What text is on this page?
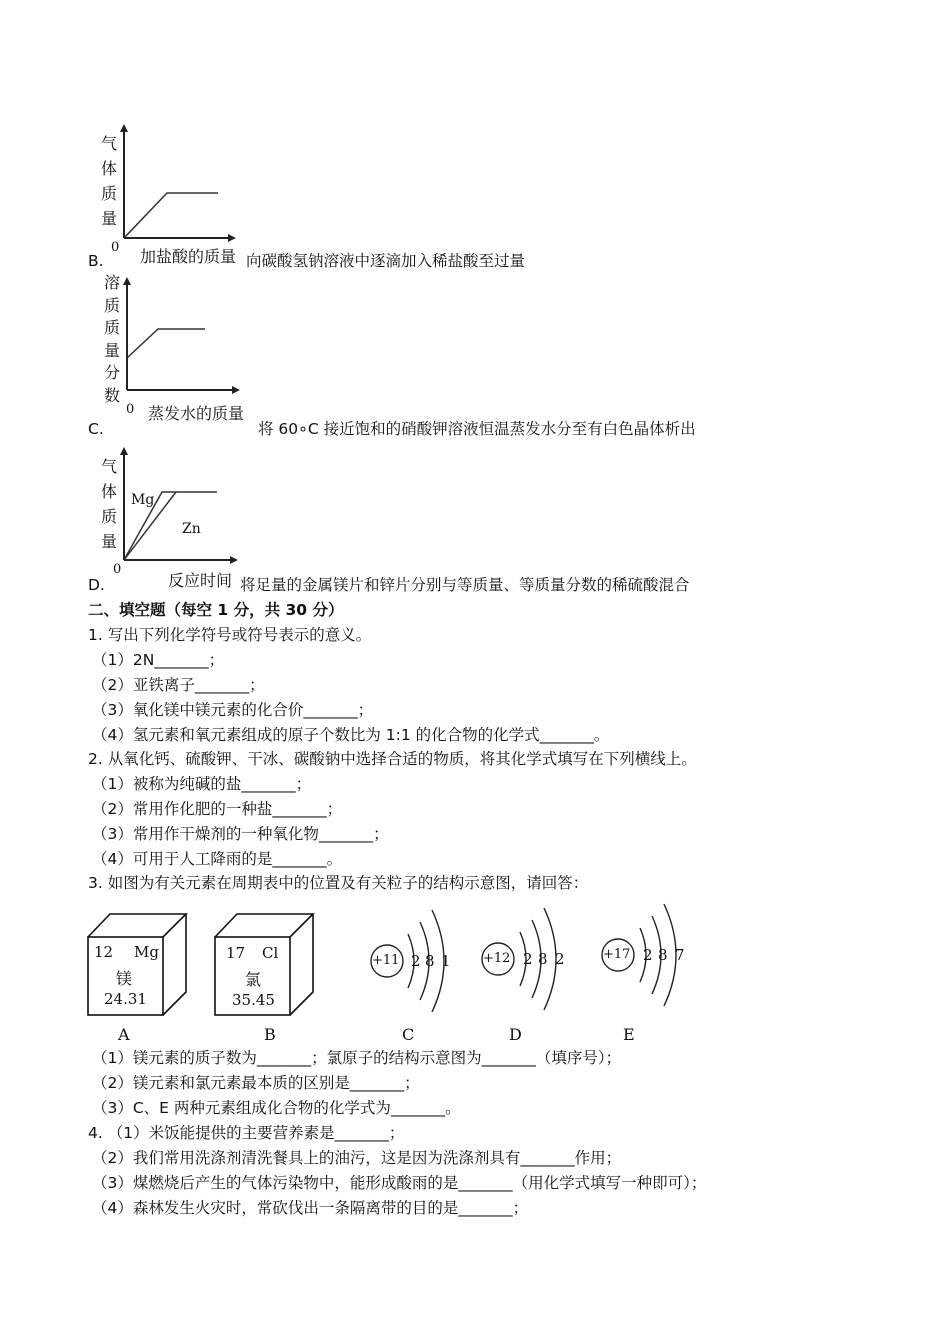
气
体
质
量
0 加盐酸的质量
B.	向碳酸氢钠溶液中逐滴加入稀盐酸至过量
溶
质
质
量
分
数
0 蒸发水的质量
C.	将 60∘C 接近饱和的硝酸钾溶液恒温蒸发水分至有白色晶体析出
气
体
质
量
Mg
Zn
0
反应时间
D.	将足量的金属镁片和锌片分别与等质量、等质量分数的稀硫酸混合
二、填空题（每空 1 分，共 30 分）
1. 写出下列化学符号或符号表示的意义。
（1）2N_______；
（2）亚铁离子_______；
（3）氧化镁中镁元素的化合价_______；
（4）氢元素和氧元素组成的原子个数比为 1:1 的化合物的化学式_______。
2. 从氧化钙、硫酸钾、干冰、碳酸钠中选择合适的物质，将其化学式填写在下列横线上。
（1）被称为纯碱的盐_______；
（2）常用作化肥的一种盐_______；
（3）常用作干燥剂的一种氧化物_______；
（4）可用于人工降雨的是_______。
3. 如图为有关元素在周期表中的位置及有关粒子的结构示意图，请回答：
12 Mg
镁
24.31
A
17 Cl
氯
35.45
B
+11 2 8 1
C
+12 2 8 2
D
+17 2 8 7
E
（1）镁元素的质子数为_______；氯原子的结构示意图为_______（填序号）；
（2）镁元素和氯元素最本质的区别是_______；
（3）C、E 两种元素组成化合物的化学式为_______。
4. （1）米饭能提供的主要营养素是_______；
（2）我们常用洗涤剂清洗餐具上的油污，这是因为洗涤剂具有_______作用；
（3）煤燃烧后产生的气体污染物中，能形成酸雨的是_______（用化学式填写一种即可）；
（4）森林发生火灾时，常砍伐出一条隔离带的目的是_______；
